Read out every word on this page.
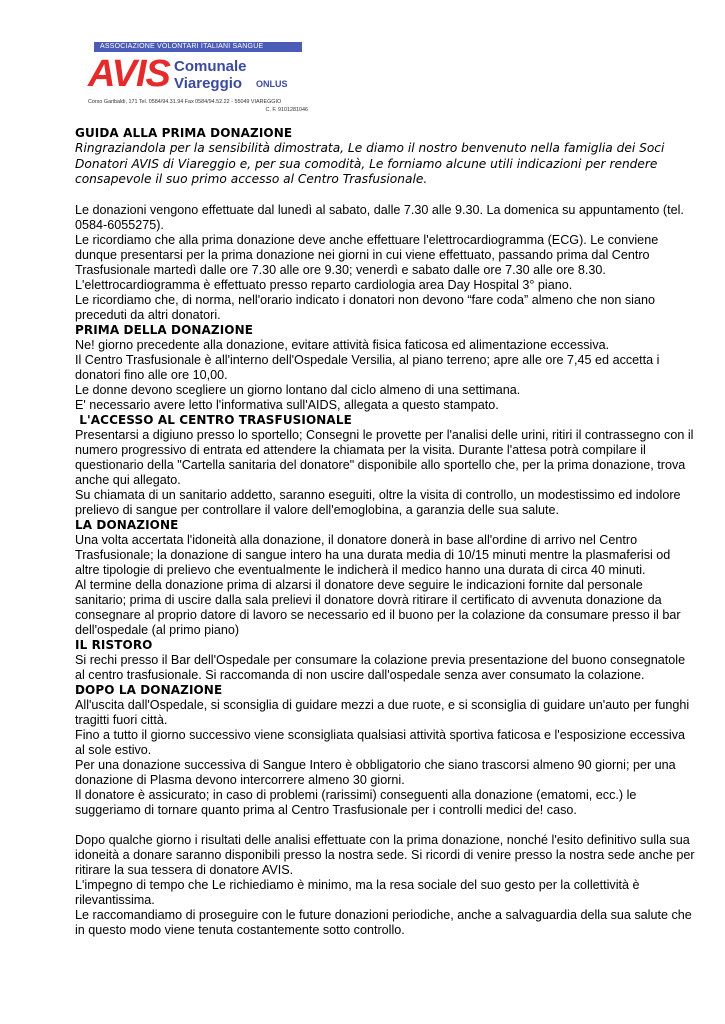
ASSOCIAZIONE VOLONTARI ITALIANI SANGUE
AVIS Comunale
Viareggio ONLUS
Corso Garibaldi, 171 Tel. 0584/94.31.94 Fax 0584/94.52.22 - 55049 VIAREGGIO
C. F. 9101281046

GUIDA ALLA PRIMA DONAZIONE

Ringraziandola per la sensibilità dimostrata, Le diamo il nostro benvenuto nella famiglia dei Soci Donatori AVIS di Viareggio e, per sua comodità, Le forniamo alcune utili indicazioni per rendere consapevole il suo primo accesso al Centro Trasfusionale.

Le donazioni vengono effettuate dal lunedì al sabato, dalle 7.30 alle 9.30. La domenica su appuntamento (tel. 0584-6055275).

Le ricordiamo che alla prima donazione deve anche effettuare l'elettrocardiogramma (ECG). Le conviene dunque presentarsi per la prima donazione nei giorni in cui viene effettuato, passando prima dal Centro Trasfusionale martedì dalle ore 7.30 alle ore 9.30; venerdì e sabato dalle ore 7.30 alle ore 8.30.

L'elettrocardiogramma è effettuato presso reparto cardiologia area Day Hospital 3° piano.

Le ricordiamo che, di norma, nell'orario indicato i donatori non devono “fare coda” almeno che non siano preceduti da altri donatori.

PRIMA DELLA DONAZIONE

Ne! giorno precedente alla donazione, evitare attività fisica faticosa ed alimentazione eccessiva.

Il Centro Trasfusionale è all'interno dell'Ospedale Versilia, al piano terreno; apre alle ore 7,45 ed accetta i donatori fino alle ore 10,00.

Le donne devono scegliere un giorno lontano dal ciclo almeno di una settimana.

E' necessario avere letto l'informativa sull'AIDS, allegata a questo stampato.

L'ACCESSO AL CENTRO TRASFUSIONALE

Presentarsi a digiuno presso lo sportello; Consegni le provette per l'analisi delle urini, ritiri il contrassegno con il numero progressivo di entrata ed attendere la chiamata per la visita. Durante l'attesa potrà compilare il questionario della "Cartella sanitaria del donatore" disponibile allo sportello che, per la prima donazione, trova anche qui allegato.

Su chiamata di un sanitario addetto, saranno eseguiti, oltre la visita di controllo, un modestissimo ed indolore prelievo di sangue per controllare il valore dell'emoglobina, a garanzia delle sua salute.

LA DONAZIONE

Una volta accertata l'idoneità alla donazione, il donatore donerà in base all'ordine di arrivo nel Centro Trasfusionale; la donazione di sangue intero ha una durata media di 10/15 minuti mentre la plasmaferisi od altre tipologie di prelievo che eventualmente le indicherà il medico hanno una durata di circa 40 minuti.

Al termine della donazione prima di alzarsi il donatore deve seguire le indicazioni fornite dal personale sanitario; prima di uscire dalla sala prelievi il donatore dovrà ritirare il certificato di avvenuta donazione da consegnare al proprio datore di lavoro se necessario ed il buono per la colazione da consumare presso il bar dell'ospedale (al primo piano)

IL RISTORO

Si rechi presso il Bar dell'Ospedale per consumare la colazione previa presentazione del buono consegnatole al centro trasfusionale. Si raccomanda di non uscire dall'ospedale senza aver consumato la colazione.

DOPO LA DONAZIONE

All'uscita dall'Ospedale, si sconsiglia di guidare mezzi a due ruote, e si sconsiglia di guidare un'auto per funghi tragitti fuori città.

Fino a tutto il giorno successivo viene sconsigliata qualsiasi attività sportiva faticosa e l'esposizione eccessiva al sole estivo.

Per una donazione successiva di Sangue Intero è obbligatorio che siano trascorsi almeno 90 giorni; per una donazione di Plasma devono intercorrere almeno 30 giorni.

Il donatore è assicurato; in caso di problemi (rarissimi) conseguenti alla donazione (ematomi, ecc.) le suggeriamo di tornare quanto prima al Centro Trasfusionale per i controlli medici de! caso.

Dopo qualche giorno i risultati delle analisi effettuate con la prima donazione, nonché l'esito definitivo sulla sua idoneità a donare saranno disponibili presso la nostra sede. Si ricordi di venire presso la nostra sede anche per ritirare la sua tessera di donatore AVIS.

L'impegno di tempo che Le richiediamo è minimo, ma la resa sociale del suo gesto per la collettività è rilevantissima.

Le raccomandiamo di proseguire con le future donazioni periodiche, anche a salvaguardia della sua salute che in questo modo viene tenuta costantemente sotto controllo.
